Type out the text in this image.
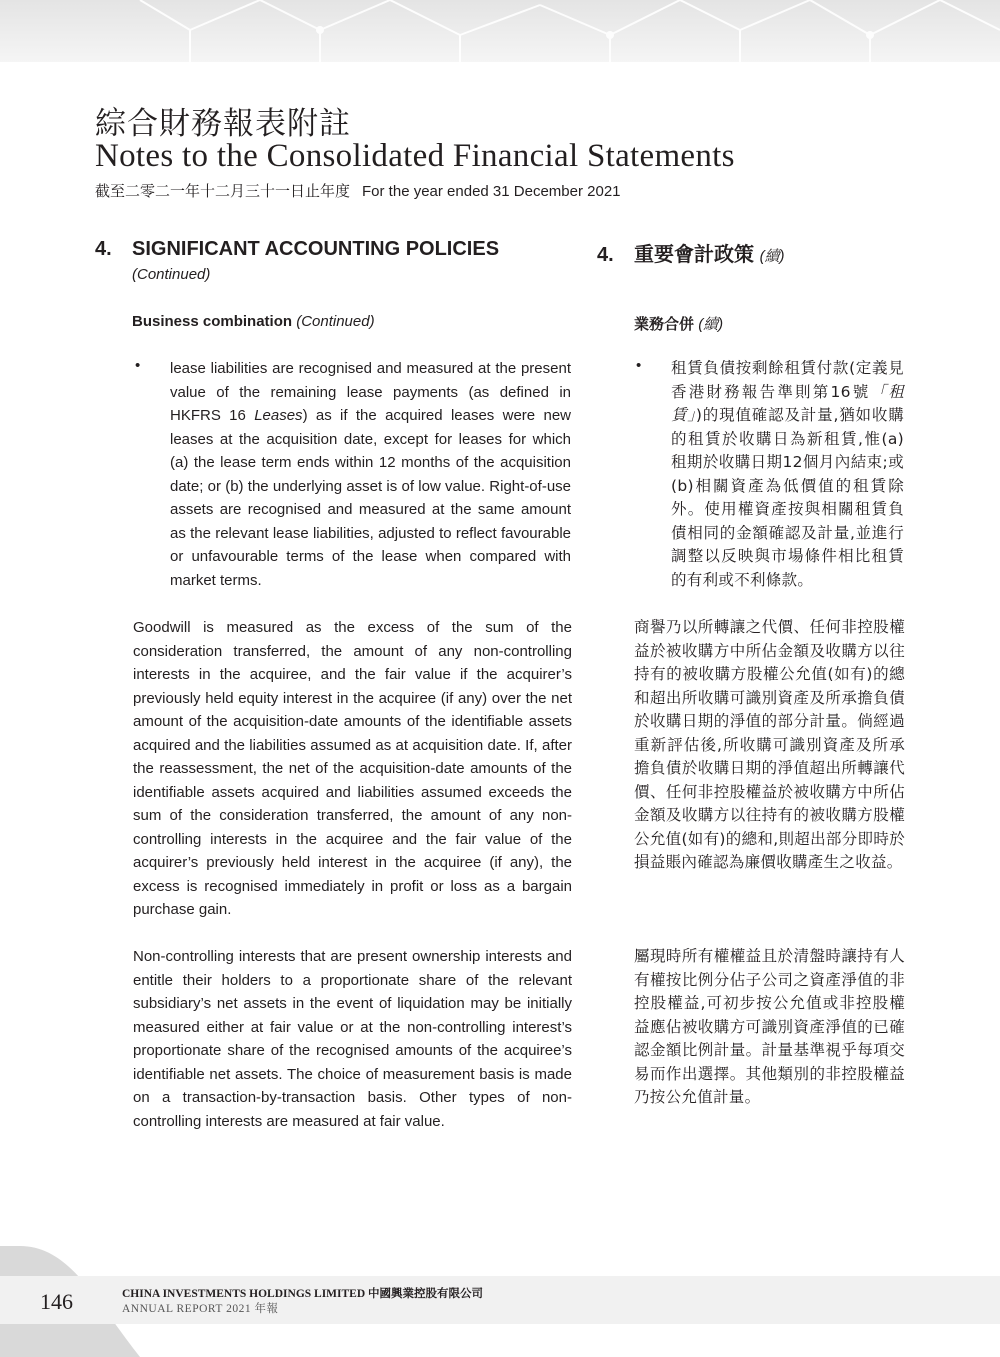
綜合財務報表附註
Notes to the Consolidated Financial Statements
截至二零二一年十二月三十一日止年度 For the year ended 31 December 2021
4. SIGNIFICANT ACCOUNTING POLICIES
(Continued)
Business combination (Continued)
• lease liabilities are recognised and measured at the present value of the remaining lease payments (as defined in HKFRS 16 Leases) as if the acquired leases were new leases at the acquisition date, except for leases for which (a) the lease term ends within 12 months of the acquisition date; or (b) the underlying asset is of low value. Right-of-use assets are recognised and measured at the same amount as the relevant lease liabilities, adjusted to reflect favourable or unfavourable terms of the lease when compared with market terms.

Goodwill is measured as the excess of the sum of the consideration transferred, the amount of any non-controlling interests in the acquiree, and the fair value if the acquirer’s previously held equity interest in the acquiree (if any) over the net amount of the acquisition-date amounts of the identifiable assets acquired and the liabilities assumed as at acquisition date. If, after the reassessment, the net of the acquisition-date amounts of the identifiable assets acquired and liabilities assumed exceeds the sum of the consideration transferred, the amount of any non-controlling interests in the acquiree and the fair value of the acquirer’s previously held interest in the acquiree (if any), the excess is recognised immediately in profit or loss as a bargain purchase gain.

Non-controlling interests that are present ownership interests and entitle their holders to a proportionate share of the relevant subsidiary’s net assets in the event of liquidation may be initially measured either at fair value or at the non-controlling interest’s proportionate share of the recognised amounts of the acquiree’s identifiable net assets. The choice of measurement basis is made on a transaction-by-transaction basis. Other types of non-controlling interests are measured at fair value.

4. 重要會計政策 (續)
業務合併 (續)
• 租賃負債按剩餘租賃付款(定義見香港財務報告準則第16號「租賃」)的現值確認及計量,猶如收購的租賃於收購日為新租賃,惟(a)租期於收購日期12個月內結束;或(b)相關資產為低價值的租賃除外。使用權資產按與相關租賃負債相同的金額確認及計量,並進行調整以反映與市場條件相比租賃的有利或不利條款。

商譽乃以所轉讓之代價、任何非控股權益於被收購方中所佔金額及收購方以往持有的被收購方股權公允值(如有)的總和超出所收購可識別資產及所承擔負債於收購日期的淨值的部分計量。倘經過重新評估後,所收購可識別資產及所承擔負債於收購日期的淨值超出所轉讓代價、任何非控股權益於被收購方中所佔金額及收購方以往持有的被收購方股權公允值(如有)的總和,則超出部分即時於損益賬內確認為廉價收購產生之收益。

屬現時所有權權益且於清盤時讓持有人有權按比例分佔子公司之資產淨值的非控股權益,可初步按公允值或非控股權益應佔被收購方可識別資產淨值的已確認金額比例計量。計量基準視乎每項交易而作出選擇。其他類別的非控股權益乃按公允值計量。

146	CHINA INVESTMENTS HOLDINGS LIMITED 中國興業控股有限公司
ANNUAL REPORT 2021 年報
